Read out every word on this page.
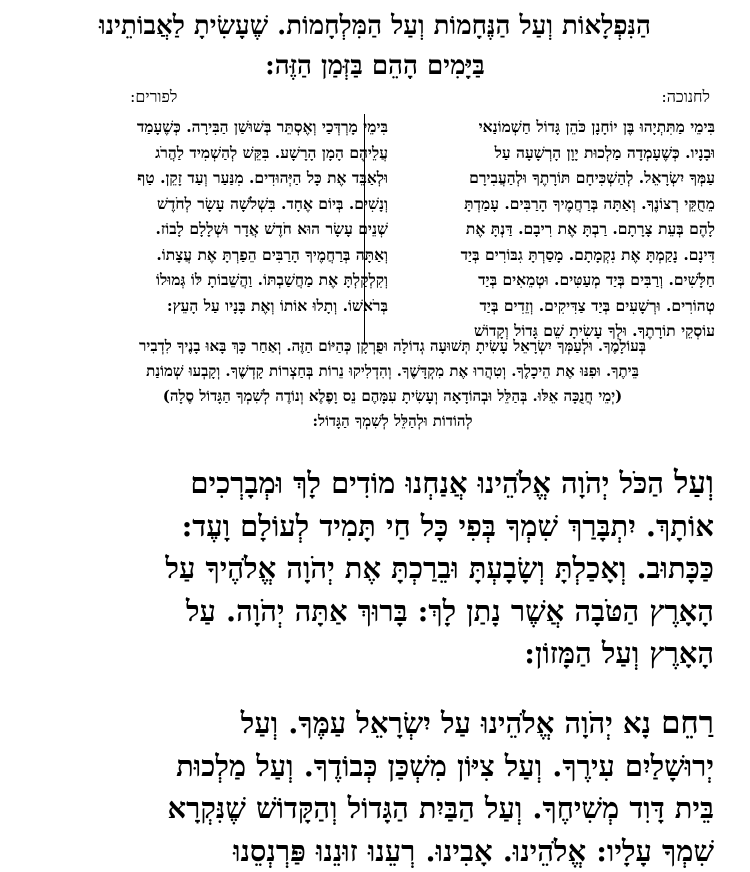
הַנִּפְלָאוֹת וְעַל הַנֶּחָמוֹת וְעַל הַמִּלְחָמוֹת. שֶׁעָשִׂיתָ לַאֲבוֹתֵינוּ
בַּיָּמִים הָהֵם בַּזְּמַן הַזֶּה:
לחנוכה:
לפורים:
בִּימֵי מַתִּתְיָהוּ בֶּן יוֹחָנָן כֹּהֵן גָּדוֹל חַשְׁמוֹנַאי
וּבָנָיו. כְּשֶׁעָמְדָה מַלְכוּת יָוָן הָרְשָׁעָה עַל
עַמְּךָ יִשְׂרָאֵל. לְהַשְׁכִּיחָם תּוֹרָתֶךָ וּלְהַעֲבִירָם
מֵחֻקֵּי רְצוֹנֶךָ. וְאַתָּה בְּרַחֲמֶיךָ הָרַבִּים. עָמַדְתָּ
לָהֶם בְּעֵת צָרָתָם. רַבְתָּ אֶת רִיבָם. דַּנְתָּ אֶת
דִּינָם. נָקַמְתָּ אֶת נִקְמָתָם. מָסַרְתָּ גִבּוֹרִים בְּיַד
חַלָּשִׁים. וְרַבִּים בְּיַד מְעַטִּים. וּטְמֵאִים בְּיַד
טְהוֹרִים. וּרְשָׁעִים בְּיַד צַדִּיקִים. וְזֵדִים בְּיַד
עוֹסְקֵי תוֹרָתֶךָ. וּלְךָ עָשִׂיתָ שֵׁם גָּדוֹל וְקָדוֹשׁ
בִּימֵי מָרְדְּכַי וְאֶסְתֵּר בְּשׁוּשַׁן הַבִּירָה. כְּשֶׁעָמַד
עֲלֵיהֶם הָמָן הָרָשָׁע. בִּקֵּשׁ לְהַשְׁמִיד לַהֲרֹג
וּלְאַבֵּד אֶת כָּל הַיְּהוּדִים. מִנַּעַר וְעַד זָקֵן. טַף
וְנָשִׁים. בְּיוֹם אֶחָד. בִּשְׁלֹשָׁה עָשָׂר לְחֹדֶשׁ
שְׁנֵים עָשָׂר הוּא חֹדֶשׁ אֲדָר וּשְׁלָלָם לָבוֹז.
וְאַתָּה בְּרַחֲמֶיךָ הָרַבִּים הֵפַרְתָּ אֶת עֲצָתוֹ.
וְקִלְקַלְתָּ אֶת מַחֲשַׁבְתּוֹ. וַהֲשֵׁבוֹתָ לּוֹ גְּמוּלוֹ
בְּרֹאשׁוֹ. וְתָלוּ אוֹתוֹ וְאֶת בָּנָיו עַל הָעֵץ:
בְּעוֹלָמֶךָ. וּלְעַמְּךָ יִשְׂרָאֵל עָשִׂיתָ תְּשׁוּעָה גְדוֹלָה וּפֻרְקָן כְּהַיּוֹם הַזֶּה. וְאַחַר כָּךְ בָּאוּ בָנֶיךָ לִדְבִיר
בֵּיתֶךָ. וּפִנּוּ אֶת הֵיכָלֶךָ. וְטִהֲרוּ אֶת מִקְדָּשֶׁךָ. וְהִדְלִיקוּ נֵרוֹת בְּחַצְרוֹת קָדְשֶׁךָ. וְקָבְעוּ שְׁמוֹנַת
(יְמֵי חֲנֻכָּה אֵלּוּ. בְּהַלֵּל וּבְהוֹדָאָה וְעָשִׂיתָ עִמָּהֶם נֵס וָפֶלֶא וְנוֹדֶה לְשִׁמְךָ הַגָּדוֹל סֶלָה)
לְהוֹדוֹת וּלְהַלֵּל לְשִׁמְךָ הַגָּדוֹל:
וְעַל הַכֹּל יְהֹוָה אֱלֹהֵינוּ אֲנַחְנוּ מוֹדִים לָךְ וּמְבָרְכִים
אוֹתָךְ. יִתְבָּרַךְ שִׁמְךָ בְּפִי כָּל חַי תָּמִיד לְעוֹלָם וָעֶד:
כַּכָּתוּב. וְאָכַלְתָּ וְשָׂבָעְתָּ וּבֵרַכְתָּ אֶת יְהֹוָה אֱלֹהֶיךָ עַל
הָאָרֶץ הַטֹּבָה אֲשֶׁר נָתַן לָךְ: בָּרוּךְ אַתָּה יְהֹוָה. עַל
הָאָרֶץ וְעַל הַמָּזוֹן:
רַחֵם נָא יְהֹוָה אֱלֹהֵינוּ עַל יִשְׂרָאֵל עַמֶּךָ. וְעַל
יְרוּשָׁלַיִם עִירֶךָ. וְעַל צִיּוֹן מִשְׁכַּן כְּבוֹדֶךָ. וְעַל מַלְכוּת
בֵּית דָּוִד מְשִׁיחֶךָ. וְעַל הַבַּיִת הַגָּדוֹל וְהַקָּדוֹשׁ שֶׁנִּקְרָא
שִׁמְךָ עָלָיו: אֱלֹהֵינוּ. אָבִינוּ. רְעֵנוּ זוּנֵנוּ פַּרְנְסֵנוּ
